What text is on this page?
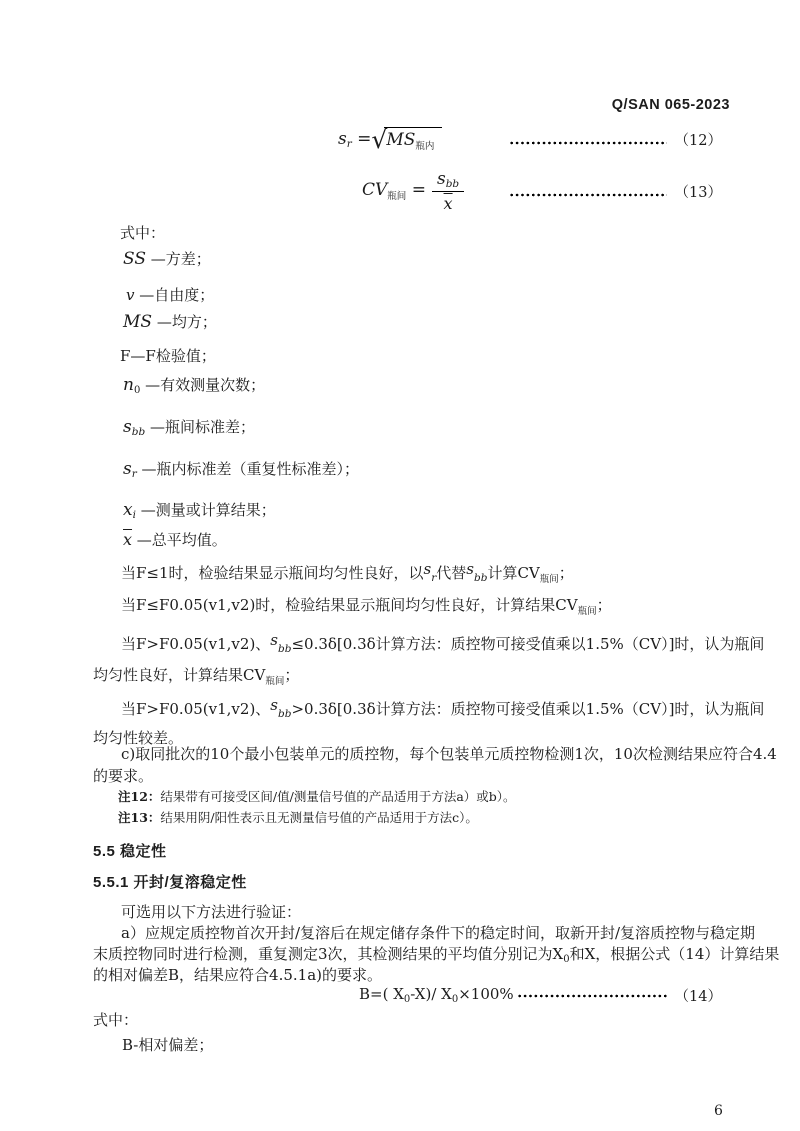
Q/SAN 065-2023
sr = √ $MS_{瓶内}$	（12）
$CV_{瓶间} = \frac{s_{bb}}{x}$	（13）
式中：
SS —方差；
v —自由度；
MS —均方；
F—F检验值；
$n_0$ —有效测量次数；
$s_{bb}$ —瓶间标准差；
$s_r$ —瓶内标准差（重复性标准差）；
$x_i$ —测量或计算结果；
$\overline{x}$ —总平均值。
当F≤1时，检验结果显示瓶间均匀性良好，以$s_r$代替$s_{bb}$计算$CV_{瓶间}$；
当F≤F0.05(v1,v2)时，检验结果显示瓶间均匀性良好，计算结果$CV_{瓶间}$；
当F>F0.05(v1,v2)、$s_{bb}\le 0.3\delta[0.3\delta$计算方法：质控物可接受值乘以1.5%（CV）]时，认为瓶间
均匀性良好，计算结果$CV_{瓶间}$；
当F>F0.05(v1,v2)、$s_{bb}>0.3\delta[0.3\delta$计算方法：质控物可接受值乘以1.5%（CV）]时，认为瓶间
均匀性较差。
c)取同批次的10个最小包装单元的质控物，每个包装单元质控物检测1次，10次检测结果应符合4.4
的要求。
注12：结果带有可接受区间/值/测量信号值的产品适用于方法a）或b）。
注13：结果用阴/阳性表示且无测量信号值的产品适用于方法c）。
5.5 稳定性
5.5.1 开封/复溶稳定性
可选用以下方法进行验证：
a）应规定质控物首次开封/复溶后在规定储存条件下的稳定时间，取新开封/复溶质控物与稳定期
末质控物同时进行检测，重复测定3次，其检测结果的平均值分别记为$X_0$和X，根据公式（14）计算结果
的相对偏差B，结果应符合4.5.1a)的要求。
B=( $X_0-X)/$ $X_0\times 100\%$	（14）
式中：
B-相对偏差；
6
